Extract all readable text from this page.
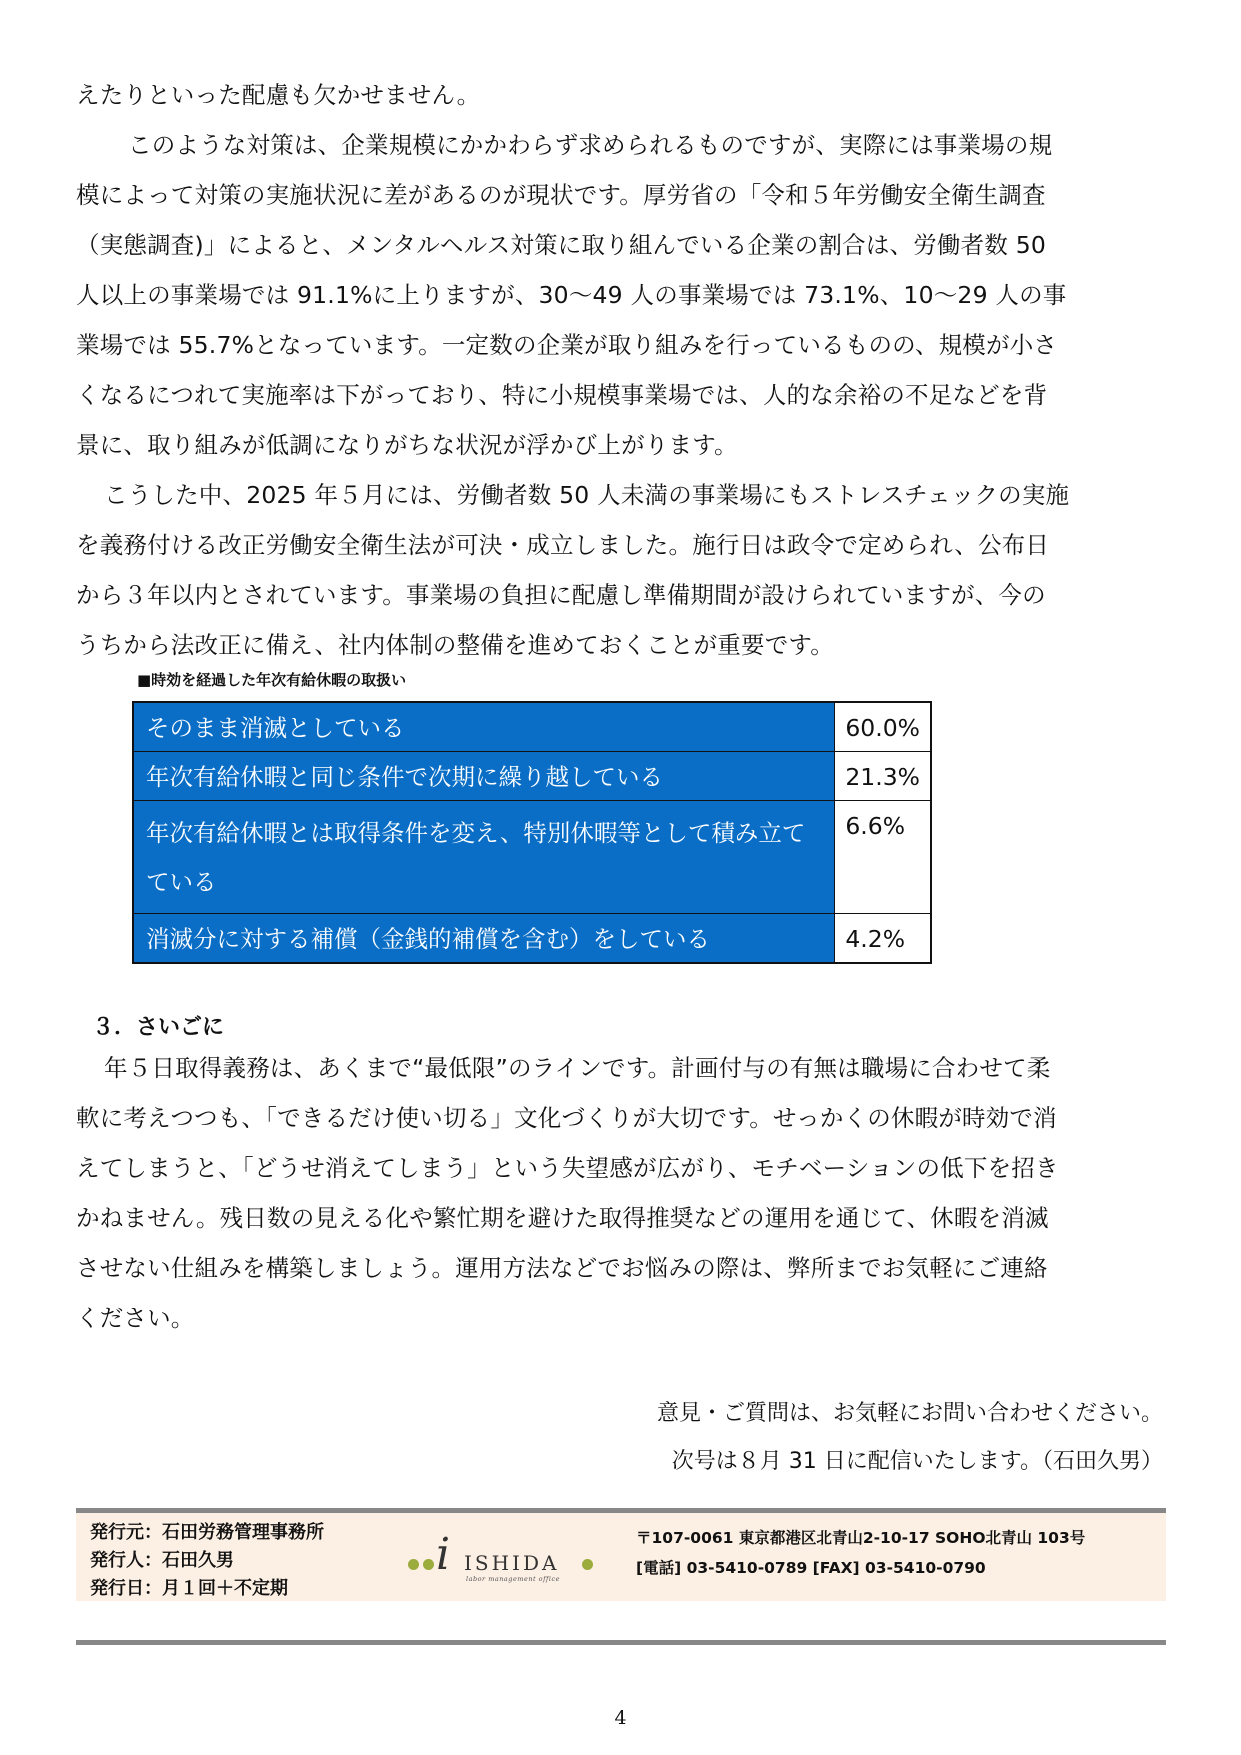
えたりといった配慮も欠かせません。
このような対策は、企業規模にかかわらず求められるものですが、実際には事業場の規
模によって対策の実施状況に差があるのが現状です。厚労省の「令和５年労働安全衛生調査
（実態調査)」によると、メンタルヘルス対策に取り組んでいる企業の割合は、労働者数 50
人以上の事業場では 91.1%に上りますが、30～49 人の事業場では 73.1%、10～29 人の事
業場では 55.7%となっています。一定数の企業が取り組みを行っているものの、規模が小さ
くなるにつれて実施率は下がっており、特に小規模事業場では、人的な余裕の不足などを背
景に、取り組みが低調になりがちな状況が浮かび上がります。
こうした中、2025 年５月には、労働者数 50 人未満の事業場にもストレスチェックの実施
を義務付ける改正労働安全衛生法が可決・成立しました。施行日は政令で定められ、公布日
から３年以内とされています。事業場の負担に配慮し準備期間が設けられていますが、今の
うちから法改正に備え、社内体制の整備を進めておくことが重要です。
■時効を経過した年次有給休暇の取扱い
そのまま消滅としている	60.0%
年次有給休暇と同じ条件で次期に繰り越している	21.3%
年次有給休暇とは取得条件を変え、特別休暇等として積み立てている	6.6%
消滅分に対する補償（金銭的補償を含む）をしている	4.2%
３．さいごに
年５日取得義務は、あくまで“最低限”のラインです。計画付与の有無は職場に合わせて柔
軟に考えつつも、「できるだけ使い切る」文化づくりが大切です。せっかくの休暇が時効で消
えてしまうと、「どうせ消えてしまう」という失望感が広がり、モチベーションの低下を招き
かねません。残日数の見える化や繁忙期を避けた取得推奨などの運用を通じて、休暇を消滅
させない仕組みを構築しましょう。運用方法などでお悩みの際は、弊所までお気軽にご連絡
ください。
意見・ご質問は、お気軽にお問い合わせください。
次号は８月 31 日に配信いたします。（石田久男）
発行元：石田労務管理事務所
発行人：石田久男
発行日：月１回＋不定期
i ISHIDA
labor management office
〒107-0061 東京都港区北青山2-10-17 SOHO北青山 103号
[電話] 03-5410-0789 [FAX] 03-5410-0790
4
